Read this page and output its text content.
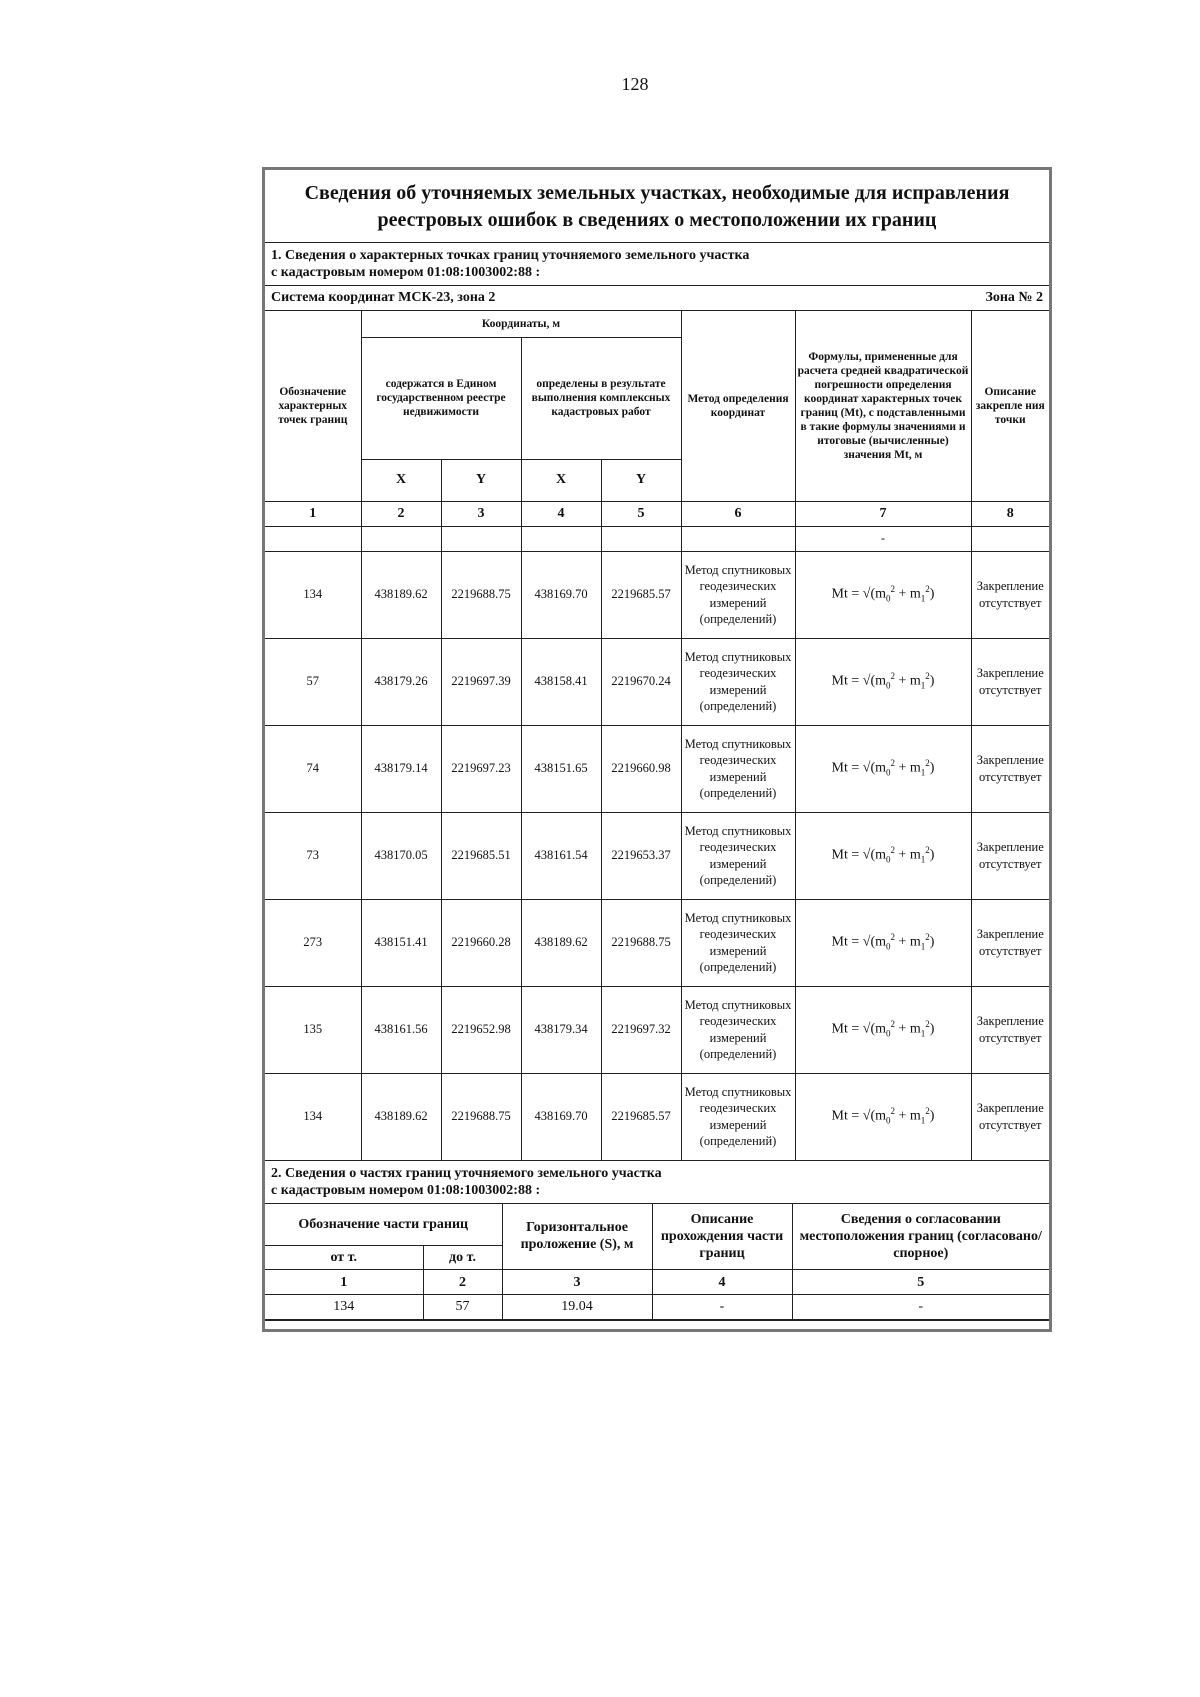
128
Сведения об уточняемых земельных участках, необходимые для исправления реестровых ошибок в сведениях о местоположении их границ
1. Сведения о характерных точках границ уточняемого земельного участка
с кадастровым номером 01:08:1003002:88 :
Система координат МСК-23, зона 2	Зона № 2
Обозначение характерных точек границ	Координаты, м				Метод определения координат	Формулы, примененные для расчета средней квадратической погрешности определения координат характерных точек границ (Mt), с подставленными в такие формулы значениями и итоговые (вычисленные) значения Mt, м	Описание закрепле ния точки
	содержатся в Едином государственном реестре недвижимости		определены в результате выполнения комплексных кадастровых работ				
	X	Y	X	Y			
1	2	3	4	5	6	7	8
						-	
134	438189.62	2219688.75	438169.70	2219685.57	Метод спутниковых геодезических измерений (определений)	$Mt = √(m_0^2 + m_1^2)$	Закрепление отсутствует
57	438179.26	2219697.39	438158.41	2219670.24	Метод спутниковых геодезических измерений (определений)	$Mt = √(m_0^2 + m_1^2)$	Закрепление отсутствует
74	438179.14	2219697.23	438151.65	2219660.98	Метод спутниковых геодезических измерений (определений)	$Mt = √(m_0^2 + m_1^2)$	Закрепление отсутствует
73	438170.05	2219685.51	438161.54	2219653.37	Метод спутниковых геодезических измерений (определений)	$Mt = √(m_0^2 + m_1^2)$	Закрепление отсутствует
273	438151.41	2219660.28	438189.62	2219688.75	Метод спутниковых геодезических измерений (определений)	$Mt = √(m_0^2 + m_1^2)$	Закрепление отсутствует
135	438161.56	2219652.98	438179.34	2219697.32	Метод спутниковых геодезических измерений (определений)	$Mt = √(m_0^2 + m_1^2)$	Закрепление отсутствует
134	438189.62	2219688.75	438169.70	2219685.57	Метод спутниковых геодезических измерений (определений)	$Mt = √(m_0^2 + m_1^2)$	Закрепление отсутствует
2. Сведения о частях границ уточняемого земельного участка
с кадастровым номером 01:08:1003002:88 :
Обозначение части границ		Горизонтальное проложение (S), м	Описание прохождения части границ	Сведения о согласовании местоположения границ (согласовано/спорное)
от т.	до т.			
1	2	3	4	5
134	57	19.04	-	-
